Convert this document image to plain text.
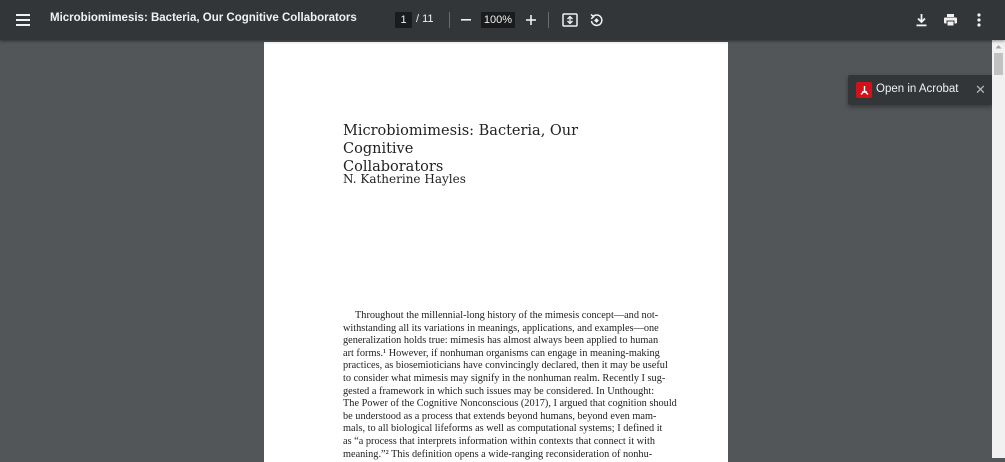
Microbiomimesis: Bacteria, Our Cognitive Collaborators	1 / 11	100%
Microbiomimesis: Bacteria, Our Cognitive
Collaborators
N. Katherine Hayles
Throughout the millennial-long history of the mimesis concept—and not-
withstanding all its variations in meanings, applications, and examples—one
generalization holds true: mimesis has almost always been applied to human
art forms.¹ However, if nonhuman organisms can engage in meaning-making
practices, as biosemioticians have convincingly declared, then it may be useful
to consider what mimesis may signify in the nonhuman realm. Recently I sug-
gested a framework in which such issues may be considered. In Unthought:
The Power of the Cognitive Nonconscious (2017), I argued that cognition should
be understood as a process that extends beyond humans, beyond even mam-
mals, to all biological lifeforms as well as computational systems; I defined it
as “a process that interprets information within contexts that connect it with
meaning.”² This definition opens a wide-ranging reconsideration of nonhu-
Open in Acrobat ✕
